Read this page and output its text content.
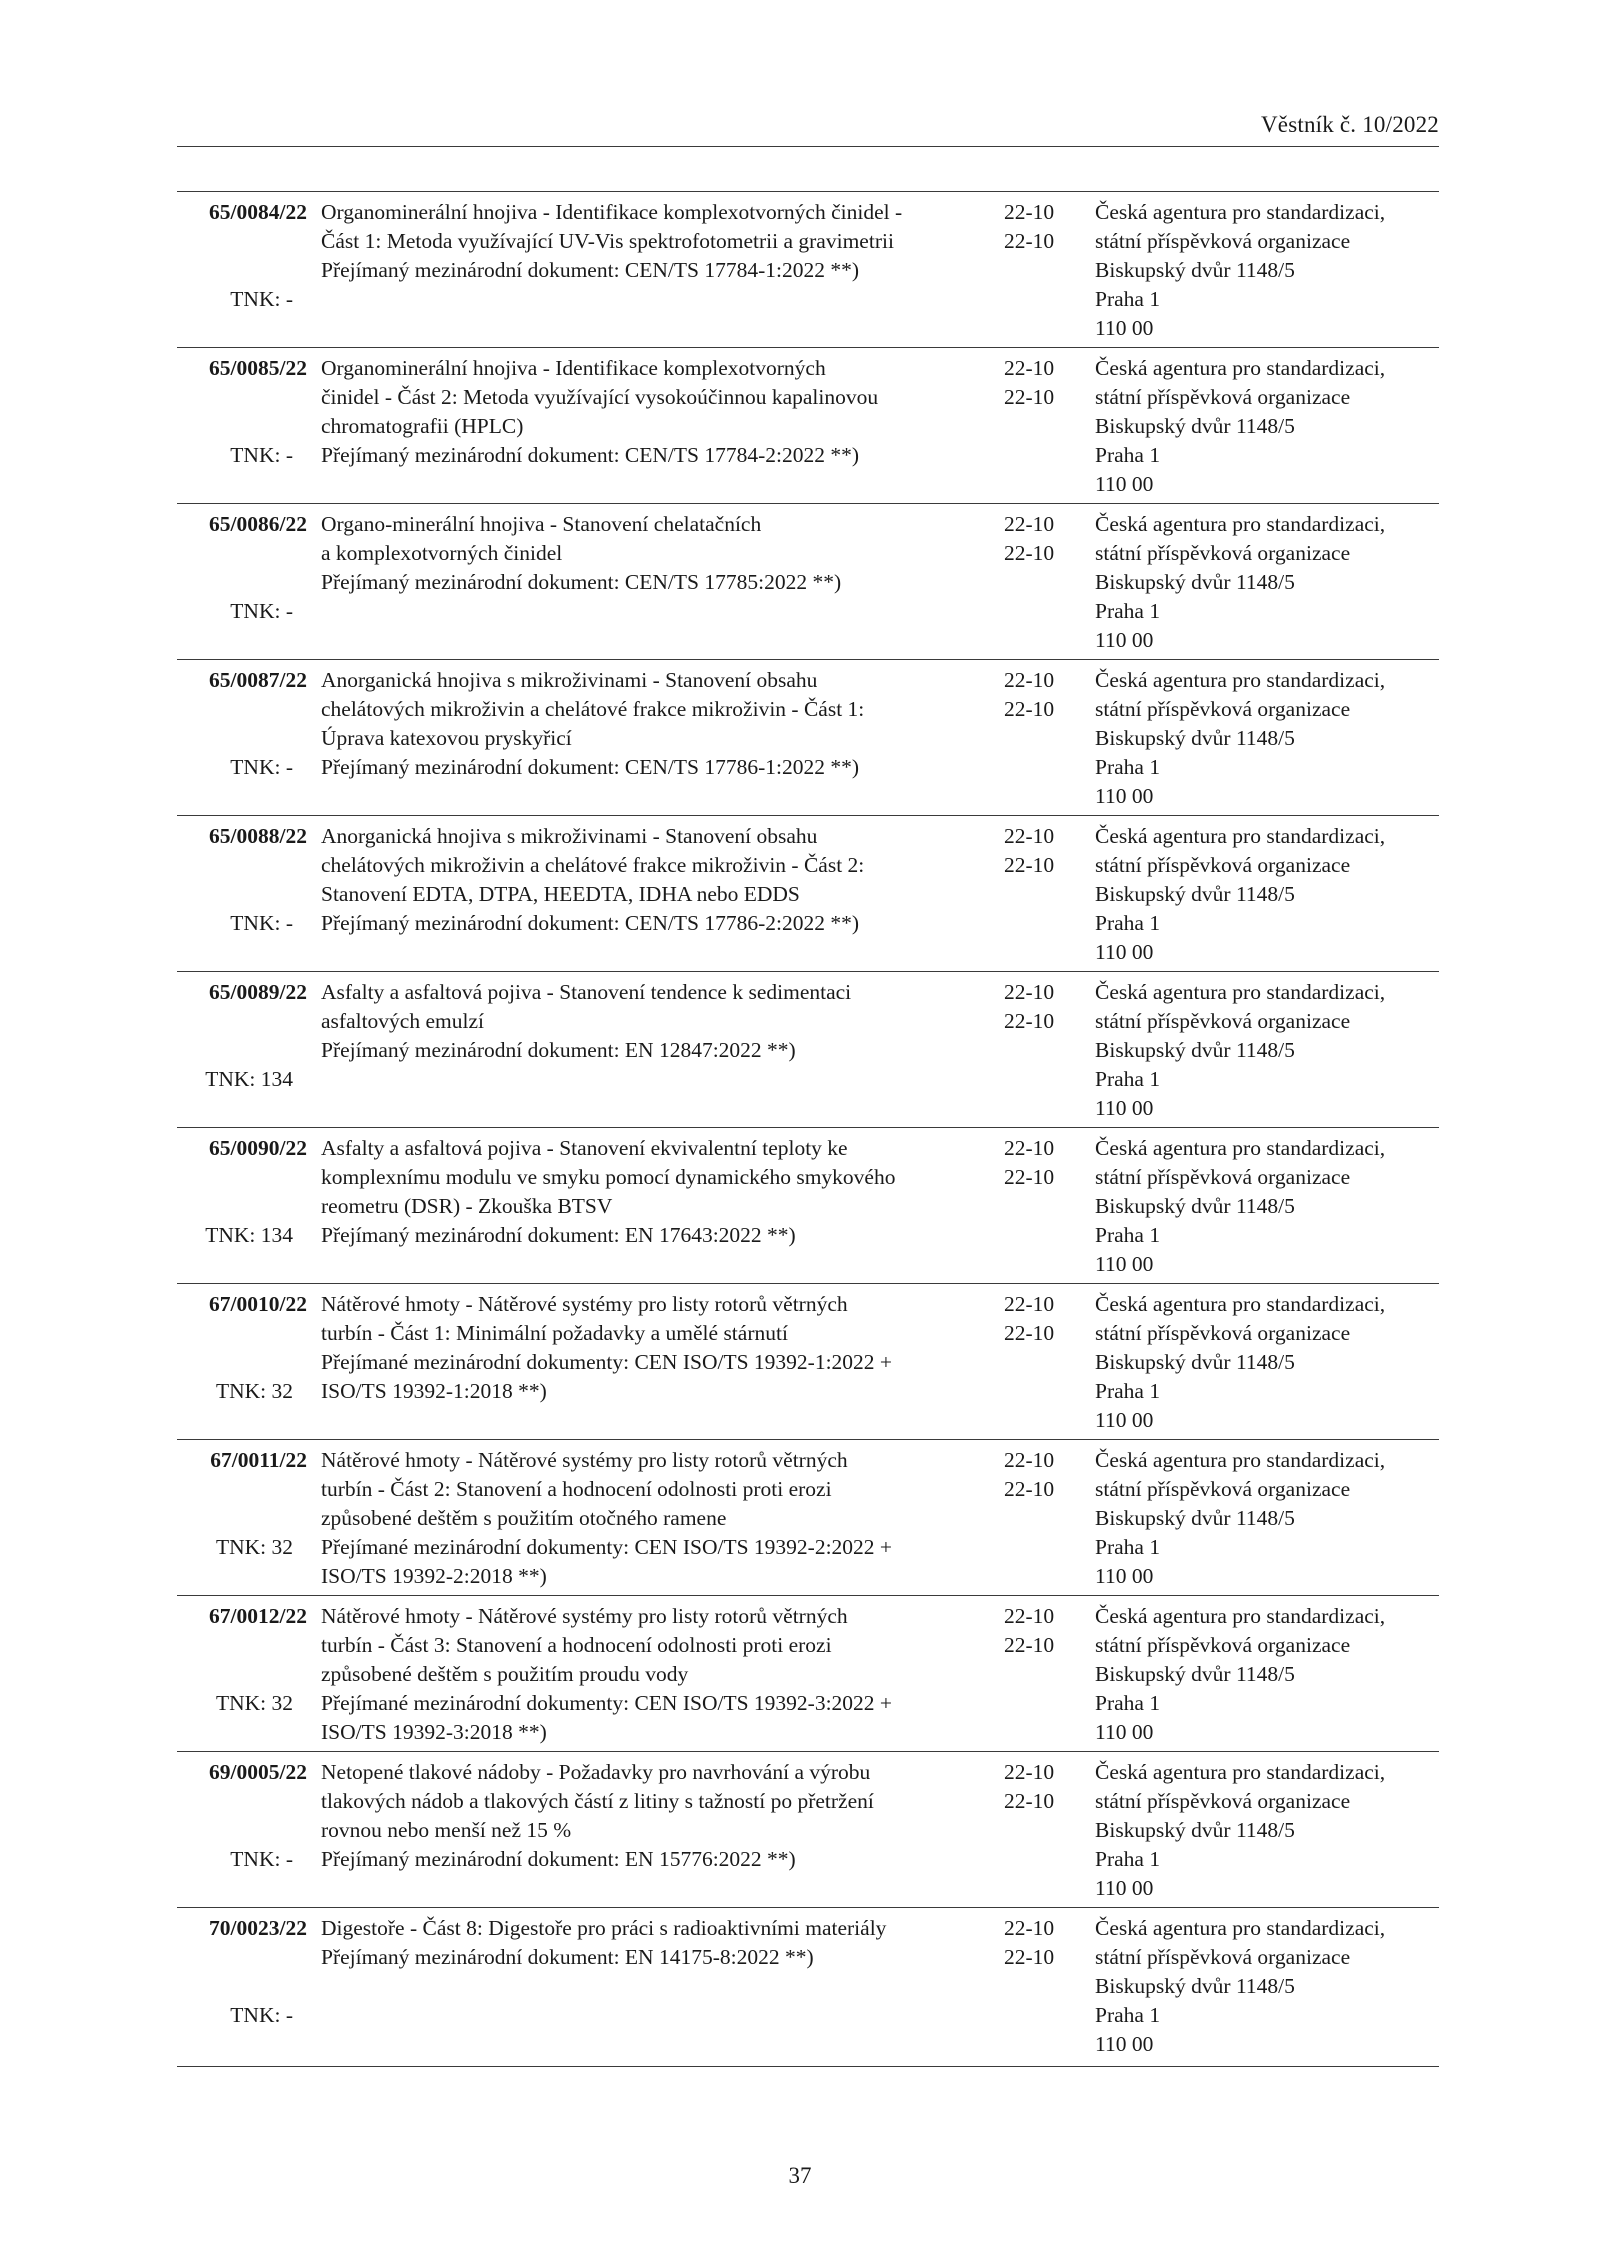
Věstník č. 10/2022
65/0084/22
TNK: -
Organominerální hnojiva - Identifikace komplexotvorných činidel -
Část 1: Metoda využívající UV-Vis spektrofotometrii a gravimetrii
Přejímaný mezinárodní dokument: CEN/TS 17784-1:2022 **)
22-10
22-10
Česká agentura pro standardizaci,
státní příspěvková organizace
Biskupský dvůr 1148/5
Praha 1
110 00
65/0085/22
TNK: -
Organominerální hnojiva - Identifikace komplexotvorných
činidel - Část 2: Metoda využívající vysokoúčinnou kapalinovou
chromatografii (HPLC)
Přejímaný mezinárodní dokument: CEN/TS 17784-2:2022 **)
22-10
22-10
Česká agentura pro standardizaci,
státní příspěvková organizace
Biskupský dvůr 1148/5
Praha 1
110 00
65/0086/22
TNK: -
Organo-minerální hnojiva - Stanovení chelatačních
a komplexotvorných činidel
Přejímaný mezinárodní dokument: CEN/TS 17785:2022 **)
22-10
22-10
Česká agentura pro standardizaci,
státní příspěvková organizace
Biskupský dvůr 1148/5
Praha 1
110 00
65/0087/22
TNK: -
Anorganická hnojiva s mikroživinami - Stanovení obsahu
chelátových mikroživin a chelátové frakce mikroživin - Část 1:
Úprava katexovou pryskyřicí
Přejímaný mezinárodní dokument: CEN/TS 17786-1:2022 **)
22-10
22-10
Česká agentura pro standardizaci,
státní příspěvková organizace
Biskupský dvůr 1148/5
Praha 1
110 00
65/0088/22
TNK: -
Anorganická hnojiva s mikroživinami - Stanovení obsahu
chelátových mikroživin a chelátové frakce mikroživin - Část 2:
Stanovení EDTA, DTPA, HEEDTA, IDHA nebo EDDS
Přejímaný mezinárodní dokument: CEN/TS 17786-2:2022 **)
22-10
22-10
Česká agentura pro standardizaci,
státní příspěvková organizace
Biskupský dvůr 1148/5
Praha 1
110 00
65/0089/22
TNK: 134
Asfalty a asfaltová pojiva - Stanovení tendence k sedimentaci
asfaltových emulzí
Přejímaný mezinárodní dokument: EN 12847:2022 **)
22-10
22-10
Česká agentura pro standardizaci,
státní příspěvková organizace
Biskupský dvůr 1148/5
Praha 1
110 00
65/0090/22
TNK: 134
Asfalty a asfaltová pojiva - Stanovení ekvivalentní teploty ke
komplexnímu modulu ve smyku pomocí dynamického smykového
reometru (DSR) - Zkouška BTSV
Přejímaný mezinárodní dokument: EN 17643:2022 **)
22-10
22-10
Česká agentura pro standardizaci,
státní příspěvková organizace
Biskupský dvůr 1148/5
Praha 1
110 00
67/0010/22
TNK: 32
Nátěrové hmoty - Nátěrové systémy pro listy rotorů větrných
turbín - Část 1: Minimální požadavky a umělé stárnutí
Přejímané mezinárodní dokumenty: CEN ISO/TS 19392-1:2022 +
ISO/TS 19392-1:2018 **)
22-10
22-10
Česká agentura pro standardizaci,
státní příspěvková organizace
Biskupský dvůr 1148/5
Praha 1
110 00
67/0011/22
TNK: 32
Nátěrové hmoty - Nátěrové systémy pro listy rotorů větrných
turbín - Část 2: Stanovení a hodnocení odolnosti proti erozi
způsobené deštěm s použitím otočného ramene
Přejímané mezinárodní dokumenty: CEN ISO/TS 19392-2:2022 +
ISO/TS 19392-2:2018 **)
22-10
22-10
Česká agentura pro standardizaci,
státní příspěvková organizace
Biskupský dvůr 1148/5
Praha 1
110 00
67/0012/22
TNK: 32
Nátěrové hmoty - Nátěrové systémy pro listy rotorů větrných
turbín - Část 3: Stanovení a hodnocení odolnosti proti erozi
způsobené deštěm s použitím proudu vody
Přejímané mezinárodní dokumenty: CEN ISO/TS 19392-3:2022 +
ISO/TS 19392-3:2018 **)
22-10
22-10
Česká agentura pro standardizaci,
státní příspěvková organizace
Biskupský dvůr 1148/5
Praha 1
110 00
69/0005/22
TNK: -
Netopené tlakové nádoby - Požadavky pro navrhování a výrobu
tlakových nádob a tlakových částí z litiny s tažností po přetržení
rovnou nebo menší než 15 %
Přejímaný mezinárodní dokument: EN 15776:2022 **)
22-10
22-10
Česká agentura pro standardizaci,
státní příspěvková organizace
Biskupský dvůr 1148/5
Praha 1
110 00
70/0023/22
TNK: -
Digestoře - Část 8: Digestoře pro práci s radioaktivními materiály
Přejímaný mezinárodní dokument: EN 14175-8:2022 **)
22-10
22-10
Česká agentura pro standardizaci,
státní příspěvková organizace
Biskupský dvůr 1148/5
Praha 1
110 00
37
